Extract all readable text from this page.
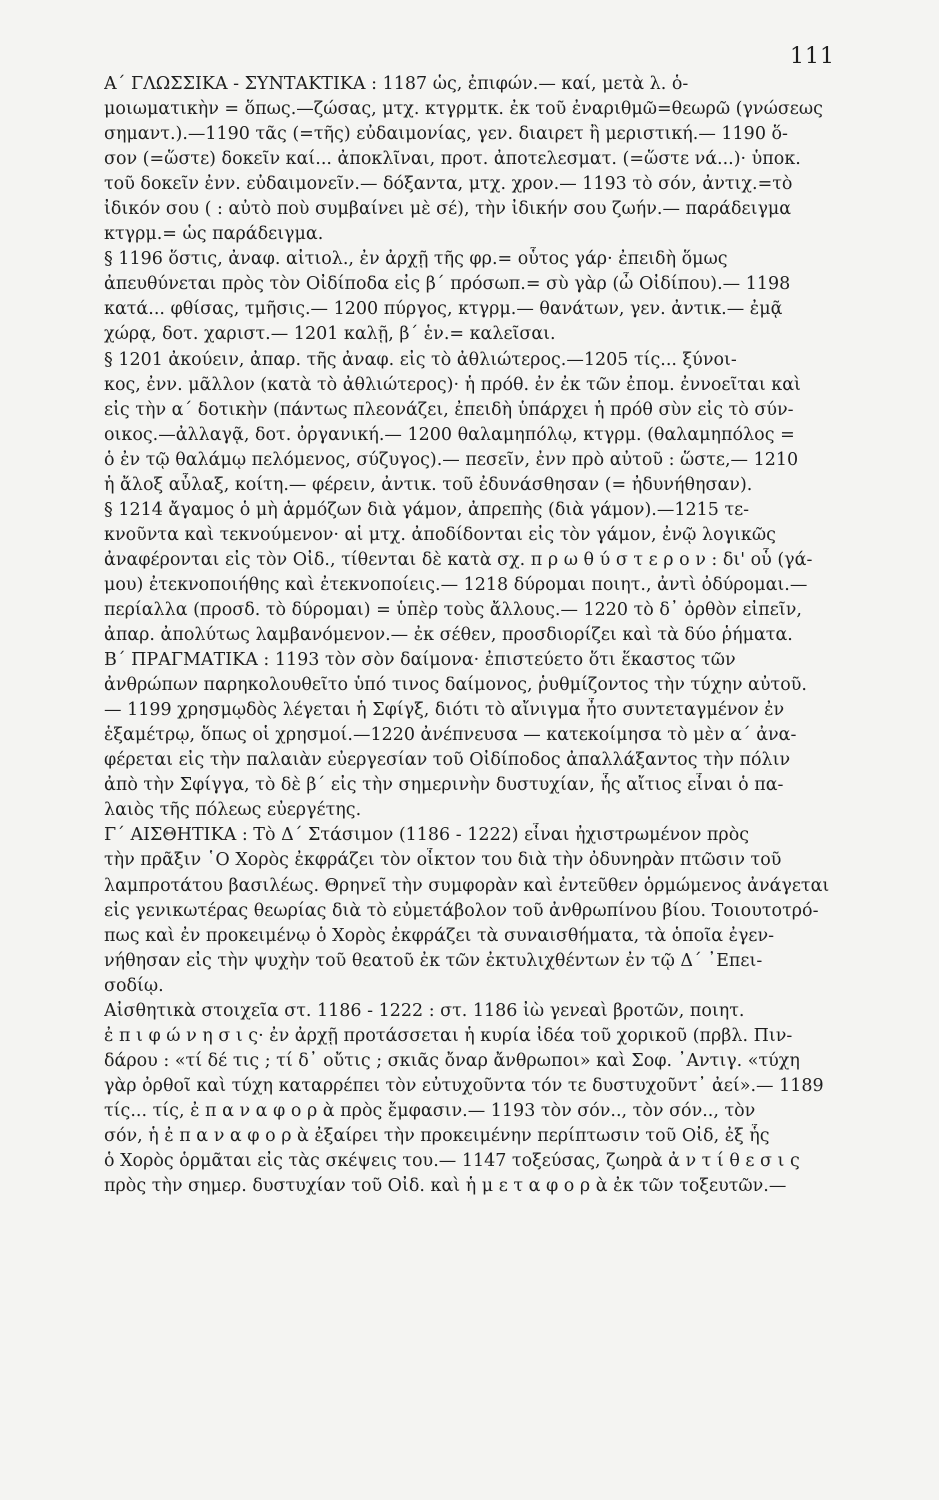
111
Α΄ ΓΛΩΣΣΙΚΑ - ΣΥΝΤΑΚΤΙΚΑ : 1187 ὡς, ἐπιφών.— καί, μετὰ λ. ὁ-
μοιωματικὴν = ὅπως.—ζώσας, μτχ. κτγρμτκ. ἐκ τοῦ ἐναριθμῶ=θεωρῶ (γνώσεως
σημαντ.).—1190 τᾶς (=τῆς) εὐδαιμονίας, γεν. διαιρετ ἢ μεριστική.— 1190 ὅ-
σον (=ὥστε) δοκεῖν καί... ἀποκλῖναι, προτ. ἀποτελεσματ. (=ὥστε νά...)· ὑποκ.
τοῦ δοκεῖν ἐνν. εὐδαιμονεῖν.— δόξαντα, μτχ. χρον.— 1193 τὸ σόν, ἀντιχ.=τὸ
ἰδικόν σου ( : αὐτὸ ποὺ συμβαίνει μὲ σέ), τὴν ἰδικήν σου ζωήν.— παράδειγμα
κτγρμ.= ὡς παράδειγμα.
§ 1196 ὅστις, ἀναφ. αἰτιολ., ἐν ἀρχῇ τῆς φρ.= οὗτος γάρ· ἐπειδὴ ὅμως
ἀπευθύνεται πρὸς τὸν Οἰδίποδα εἰς β΄ πρόσωπ.= σὺ γὰρ (ὦ Οἰδίπου).— 1198
κατά... φθίσας, τμῆσις.— 1200 πύργος, κτγρμ.— θανάτων, γεν. ἀντικ.— ἐμᾷ
χώρᾳ, δοτ. χαριστ.— 1201 καλῇ, β΄ ἑν.= καλεῖσαι.
§ 1201 ἀκούειν, ἀπαρ. τῆς ἀναφ. εἰς τὸ ἀθλιώτερος.—1205 τίς... ξύνοι-
κος, ἐνν. μᾶλλον (κατὰ τὸ ἀθλιώτερος)· ἡ πρόθ. ἐν ἐκ τῶν ἐπομ. ἐννοεῖται καὶ
εἰς τὴν α΄ δοτικὴν (πάντως πλεονάζει, ἐπειδὴ ὑπάρχει ἡ πρόθ σὺν εἰς τὸ σύν-
οικος.—ἀλλαγᾷ, δοτ. ὀργανική.— 1200 θαλαμηπόλῳ, κτγρμ. (θαλαμηπόλος =
ὁ ἐν τῷ θαλάμῳ πελόμενος, σύζυγος).— πεσεῖν, ἐνν πρὸ αὐτοῦ : ὥστε,— 1210
ἡ ἄλοξ αὖλαξ, κοίτη.— φέρειν, ἀντικ. τοῦ ἐδυνάσθησαν (= ἠδυνήθησαν).
§ 1214 ἄγαμος ὁ μὴ ἁρμόζων διὰ γάμον, ἀπρεπὴς (διὰ γάμον).—1215 τε-
κνοῦντα καὶ τεκνούμενον· αἱ μτχ. ἀποδίδονται εἰς τὸν γάμον, ἐνῷ λογικῶς
ἀναφέρονται εἰς τὸν Οἰδ., τίθενται δὲ κατὰ σχ. π ρ ω θ ύ σ τ ε ρ ο ν : δι' οὗ (γά-
μου) ἐτεκνοποιήθης καὶ ἐτεκνοποίεις.— 1218 δύρομαι ποιητ., ἀντὶ ὀδύρομαι.—
περίαλλα (προσδ. τὸ δύρομαι) = ὑπὲρ τοὺς ἄλλους.— 1220 τὸ δ᾽ ὀρθὸν εἰπεῖν,
ἀπαρ. ἀπολύτως λαμβανόμενον.— ἐκ σέθεν, προσδιορίζει καὶ τὰ δύο ῥήματα.
Β΄ ΠΡΑΓΜΑΤΙΚΑ : 1193 τὸν σὸν δαίμονα· ἐπιστεύετο ὅτι ἕκαστος τῶν
ἀνθρώπων παρηκολουθεῖτο ὑπό τινος δαίμονος, ῥυθμίζοντος τὴν τύχην αὐτοῦ.
— 1199 χρησμῳδὸς λέγεται ἡ Σφίγξ, διότι τὸ αἴνιγμα ἦτο συντεταγμένον ἐν
ἑξαμέτρῳ, ὅπως οἱ χρησμοί.—1220 ἀνέπνευσα — κατεκοίμησα τὸ μὲν α΄ ἀνα-
φέρεται εἰς τὴν παλαιὰν εὐεργεσίαν τοῦ Οἰδίποδος ἀπαλλάξαντος τὴν πόλιν
ἀπὸ τὴν Σφίγγα, τὸ δὲ β΄ εἰς τὴν σημερινὴν δυστυχίαν, ἧς αἴτιος εἶναι ὁ πα-
λαιὸς τῆς πόλεως εὐεργέτης.
Γ΄ ΑΙΣΘΗΤΙΚΑ : Τὸ Δ΄ Στάσιμον (1186 - 1222) εἶναι ἠχιστρωμένον πρὸς
τὴν πρᾶξιν ῾Ο Χορὸς ἐκφράζει τὸν οἶκτον του διὰ τὴν ὀδυνηρὰν πτῶσιν τοῦ
λαμπροτάτου βασιλέως. Θρηνεῖ τὴν συμφορὰν καὶ ἐντεῦθεν ὁρμώμενος ἀνάγεται
εἰς γενικωτέρας θεωρίας διὰ τὸ εὐμετάβολον τοῦ ἀνθρωπίνου βίου. Τοιουτοτρό-
πως καὶ ἐν προκειμένῳ ὁ Χορὸς ἐκφράζει τὰ συναισθήματα, τὰ ὁποῖα ἐγεν-
νήθησαν εἰς τὴν ψυχὴν τοῦ θεατοῦ ἐκ τῶν ἐκτυλιχθέντων ἐν τῷ Δ΄ ᾽Επει-
σοδίῳ.
Αἰσθητικὰ στοιχεῖα στ. 1186 - 1222 : στ. 1186 ἰὼ γενεαὶ βροτῶν, ποιητ.
ἐ π ι φ ώ ν η σ ι ς· ἐν ἀρχῇ προτάσσεται ἡ κυρία ἰδέα τοῦ χορικοῦ (πρβλ. Πιν-
δάρου : «τί δέ τις ; τί δ᾽ οὔτις ; σκιᾶς ὄναρ ἄνθρωποι» καὶ Σοφ. ᾽Αντιγ. «τύχη
γὰρ ὀρθοῖ καὶ τύχη καταρρέπει τὸν εὐτυχοῦντα τόν τε δυστυχοῦντ᾽ ἀεί».— 1189
τίς... τίς, ἐ π α ν α φ ο ρ ὰ πρὸς ἔμφασιν.— 1193 τὸν σόν.., τὸν σόν.., τὸν
σόν, ἡ ἐ π α ν α φ ο ρ ὰ ἐξαίρει τὴν προκειμένην περίπτωσιν τοῦ Οἰδ, ἐξ ἧς
ὁ Χορὸς ὁρμᾶται εἰς τὰς σκέψεις του.— 1147 τοξεύσας, ζωηρὰ ἀ ν τ ί θ ε σ ι ς
πρὸς τὴν σημερ. δυστυχίαν τοῦ Οἰδ. καὶ ἡ μ ε τ α φ ο ρ ὰ ἐκ τῶν τοξευτῶν.—
